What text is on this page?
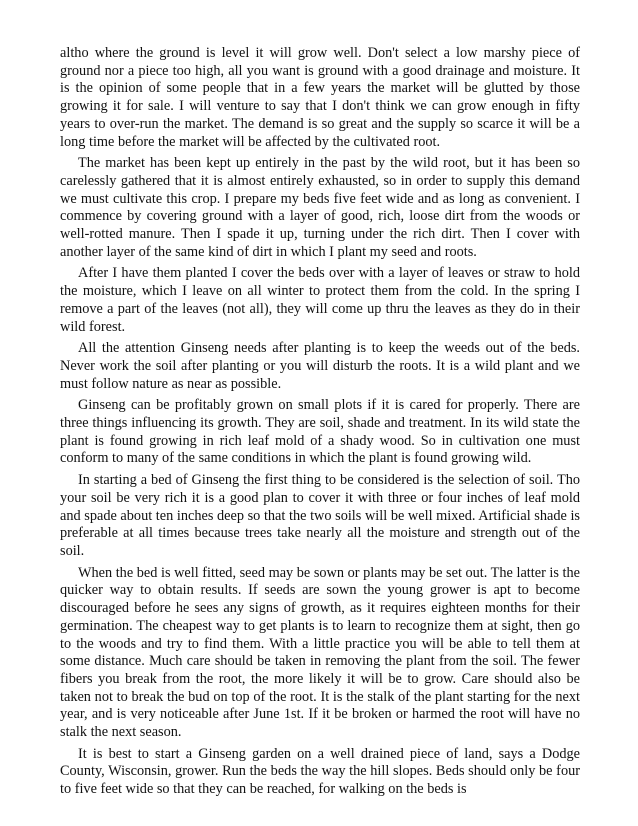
altho where the ground is level it will grow well. Don't select a low marshy piece of ground nor a piece too high, all you want is ground with a good drainage and moisture. It is the opinion of some people that in a few years the market will be glutted by those growing it for sale. I will venture to say that I don't think we can grow enough in fifty years to over-run the market. The demand is so great and the supply so scarce it will be a long time before the market will be affected by the cultivated root.

The market has been kept up entirely in the past by the wild root, but it has been so carelessly gathered that it is almost entirely exhausted, so in order to supply this demand we must cultivate this crop. I prepare my beds five feet wide and as long as convenient. I commence by covering ground with a layer of good, rich, loose dirt from the woods or well-rotted manure. Then I spade it up, turning under the rich dirt. Then I cover with another layer of the same kind of dirt in which I plant my seed and roots.

After I have them planted I cover the beds over with a layer of leaves or straw to hold the moisture, which I leave on all winter to protect them from the cold. In the spring I remove a part of the leaves (not all), they will come up thru the leaves as they do in their wild forest.

All the attention Ginseng needs after planting is to keep the weeds out of the beds. Never work the soil after planting or you will disturb the roots. It is a wild plant and we must follow nature as near as possible.

Ginseng can be profitably grown on small plots if it is cared for properly. There are three things influencing its growth. They are soil, shade and treatment. In its wild state the plant is found growing in rich leaf mold of a shady wood. So in cultivation one must conform to many of the same conditions in which the plant is found growing wild.

In starting a bed of Ginseng the first thing to be considered is the selection of soil. Tho your soil be very rich it is a good plan to cover it with three or four inches of leaf mold and spade about ten inches deep so that the two soils will be well mixed. Artificial shade is preferable at all times because trees take nearly all the moisture and strength out of the soil.

When the bed is well fitted, seed may be sown or plants may be set out. The latter is the quicker way to obtain results. If seeds are sown the young grower is apt to become discouraged before he sees any signs of growth, as it requires eighteen months for their germination. The cheapest way to get plants is to learn to recognize them at sight, then go to the woods and try to find them. With a little practice you will be able to tell them at some distance. Much care should be taken in removing the plant from the soil. The fewer fibers you break from the root, the more likely it will be to grow. Care should also be taken not to break the bud on top of the root. It is the stalk of the plant starting for the next year, and is very noticeable after June 1st. If it be broken or harmed the root will have no stalk the next season.

It is best to start a Ginseng garden on a well drained piece of land, says a Dodge County, Wisconsin, grower. Run the beds the way the hill slopes. Beds should only be four to five feet wide so that they can be reached, for walking on the beds is
